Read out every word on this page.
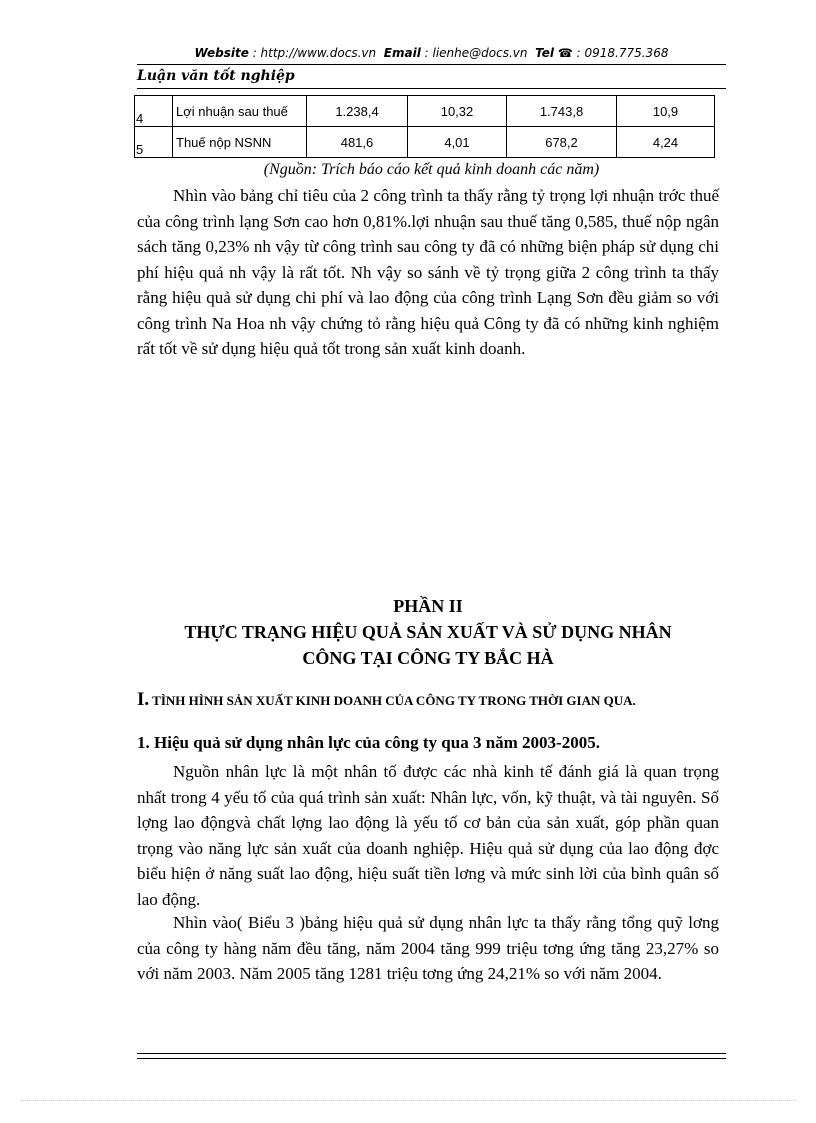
Website : http://www.docs.vn Email : lienhe@docs.vn Tel ☎ : 0918.775.368
Luận văn tốt nghiệp
4	Lợi nhuận sau thuế	1.238,4	10,32	1.743,8	10,9
5	Thuế nộp NSNN	481,6	4,01	678,2	4,24
(Nguồn: Trích báo cáo kết quả kinh doanh các năm)

Nhìn vào bảng chỉ tiêu của 2 công trình ta thấy rằng tỷ trọng lợi nhuận trớc thuế của công trình lạng Sơn cao hơn 0,81%.lợi nhuận sau thuế tăng 0,585, thuế nộp ngân sách tăng 0,23% nh vậy từ công trình sau công ty đã có những biện pháp sử dụng chi phí hiệu quả nh vậy là rất tốt. Nh vậy so sánh về tỷ trọng giữa 2 công trình ta thấy rằng hiệu quả sử dụng chi phí và lao động của công trình Lạng Sơn đều giảm so với công trình Na Hoa nh vậy chứng tỏ rằng hiệu quả Công ty đã có những kinh nghiệm rất tốt về sử dụng hiệu quả tốt trong sản xuất kinh doanh.

PHẦN II
THỰC TRẠNG HIỆU QUẢ SẢN XUẤT VÀ SỬ DỤNG NHÂN
CÔNG TẠI CÔNG TY BẮC HÀ
I. TÌNH HÌNH SẢN XUẤT KINH DOANH CỦA CÔNG TY TRONG THỜI GIAN QUA.
1. Hiệu quả sử dụng nhân lực của công ty qua 3 năm 2003-2005.

Nguồn nhân lực là một nhân tố được các nhà kinh tế đánh giá là quan trọng nhất trong 4 yếu tố của quá trình sản xuất: Nhân lực, vốn, kỹ thuật, và tài nguyên. Số lợng lao độngvà chất lợng lao động là yếu tố cơ bản của sản xuất, góp phần quan trọng vào năng lực sản xuất của doanh nghiệp. Hiệu quả sử dụng của lao động đợc biểu hiện ở năng suất lao động, hiệu suất tiền lơng và mức sinh lời của bình quân số lao động.

Nhìn vào( Biểu 3 )bảng hiệu quả sử dụng nhân lực ta thấy rằng tổng quỹ lơng của công ty hàng năm đều tăng, năm 2004 tăng 999 triệu tơng ứng tăng 23,27% so với năm 2003. Năm 2005 tăng 1281 triệu tơng ứng 24,21% so với năm 2004.
